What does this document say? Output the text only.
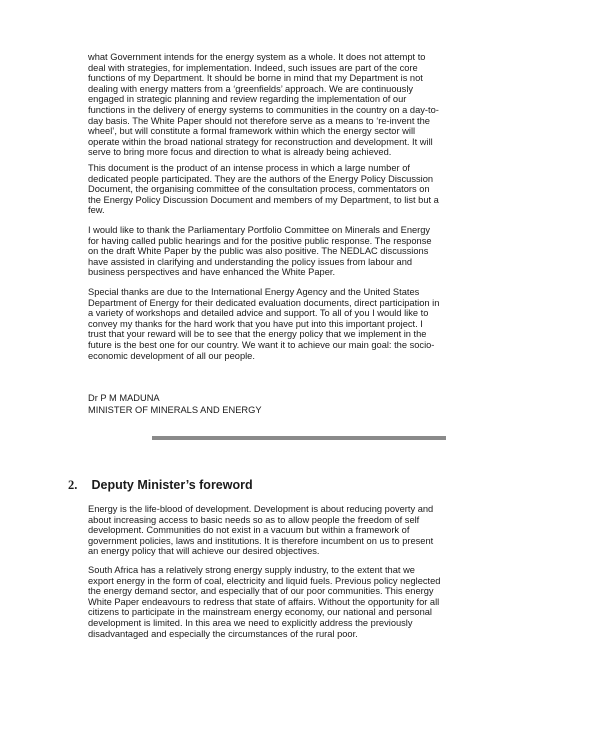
what Government intends for the energy system as a whole. It does not attempt to
deal with strategies, for implementation. Indeed, such issues are part of the core
functions of my Department. It should be borne in mind that my Department is not
dealing with energy matters from a ‘greenfields’ approach. We are continuously
engaged in strategic planning and review regarding the implementation of our
functions in the delivery of energy systems to communities in the country on a day-to-
day basis. The White Paper should not therefore serve as a means to ‘re-invent the
wheel’, but will constitute a formal framework within which the energy sector will
operate within the broad national strategy for reconstruction and development. It will
serve to bring more focus and direction to what is already being achieved.
This document is the product of an intense process in which a large number of
dedicated people participated. They are the authors of the Energy Policy Discussion
Document, the organising committee of the consultation process, commentators on
the Energy Policy Discussion Document and members of my Department, to list but a
few.
I would like to thank the Parliamentary Portfolio Committee on Minerals and Energy
for having called public hearings and for the positive public response. The response
on the draft White Paper by the public was also positive. The NEDLAC discussions
have assisted in clarifying and understanding the policy issues from labour and
business perspectives and have enhanced the White Paper.
Special thanks are due to the International Energy Agency and the United States
Department of Energy for their dedicated evaluation documents, direct participation in
a variety of workshops and detailed advice and support. To all of you I would like to
convey my thanks for the hard work that you have put into this important project. I
trust that your reward will be to see that the energy policy that we implement in the
future is the best one for our country. We want it to achieve our main goal: the socio-
economic development of all our people.
Dr P M MADUNA
MINISTER OF MINERALS AND ENERGY
2. Deputy Minister’s foreword
Energy is the life-blood of development. Development is about reducing poverty and
about increasing access to basic needs so as to allow people the freedom of self
development. Communities do not exist in a vacuum but within a framework of
government policies, laws and institutions. It is therefore incumbent on us to present
an energy policy that will achieve our desired objectives.
South Africa has a relatively strong energy supply industry, to the extent that we
export energy in the form of coal, electricity and liquid fuels. Previous policy neglected
the energy demand sector, and especially that of our poor communities. This energy
White Paper endeavours to redress that state of affairs. Without the opportunity for all
citizens to participate in the mainstream energy economy, our national and personal
development is limited. In this area we need to explicitly address the previously
disadvantaged and especially the circumstances of the rural poor.
